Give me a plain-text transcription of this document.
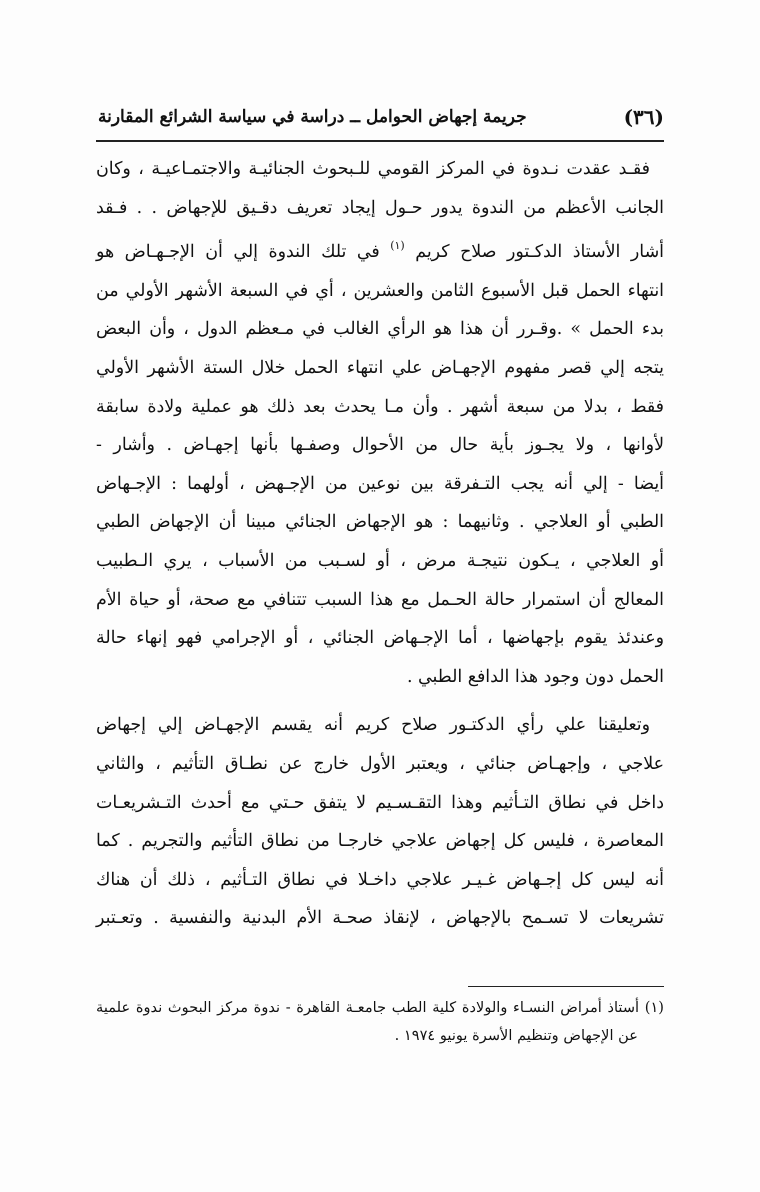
(٣٦)
جريمة إجهاض الحوامل ــ دراسة في سياسة الشرائع المقارنة

فقـد عقدت نـدوة في المركز القومي للـبحوث الجنائيـة والاجتمـاعيـة ، وكان
الجانب الأعظم من الندوة يدور حـول إيجاد تعريف دقـيق للإجهاض . . فـقد
أشار الأستاذ الدكـتور صلاح كريم $^{(١)}$ في تلك الندوة إلي أن الإجـهـاض هو
انتهاء الحمل قبل الأسبوع الثامن والعشرين ، أي في السبعة الأشهر الأولي من
بدء الحمل » .وقـرر أن هذا هو الرأي الغالب في مـعظم الدول ، وأن البعض
يتجه إلي قصر مفهوم الإجهـاض علي انتهاء الحمل خلال الستة الأشهر الأولي
فقط ، بدلا من سبعة أشهر . وأن مـا يحدث بعد ذلك هو عملية ولادة سابقة
لأوانها ، ولا يجـوز بأية حال من الأحوال وصفـها بأنها إجهـاض . وأشار -
أيضا - إلي أنه يجب التـفرقة بين نوعين من الإجـهض ، أولهما : الإجـهاض
الطبي أو العلاجي . وثانيهما : هو الإجهاض الجنائي مبينا أن الإجهاض الطبي
أو العلاجي ، يـكون نتيجـة مرض ، أو لسـبب من الأسباب ، يري الـطبيب
المعالج أن استمرار حالة الحـمل مع هذا السبب تتنافي مع صحة، أو حياة الأم
وعندئذ يقوم بإجهاضها ، أما الإجـهاض الجنائي ، أو الإجرامي فهو إنهاء حالة
الحمل دون وجود هذا الدافع الطبي .

وتعليقنا علي رأي الدكتـور صلاح كريم أنه يقسم الإجهـاض إلي إجهاض
علاجي ، وإجهـاض جنائي ، ويعتبر الأول خارج عن نطـاق التأثيم ، والثاني
داخل في نطاق التـأثيم وهذا التقـسـيم لا يتفق حـتي مع أحدث التـشريعـات
المعاصرة ، فليس كل إجهاض علاجي خارجـا من نطاق التأثيم والتجريم . كما
أنه ليس كل إجـهاض غـيـر علاجي داخـلا في نطاق التـأثيم ، ذلك أن هناك
تشريعات لا تسـمح بالإجهاض ، لإنقاذ صحـة الأم البدنية والنفسية . وتعـتبر

(١) أستاذ أمراض النسـاء والولادة كلية الطب جامعـة القاهرة - ندوة مركز البحوث ندوة علمية
عن الإجهاض وتنظيم الأسرة يونيو ١٩٧٤ .
